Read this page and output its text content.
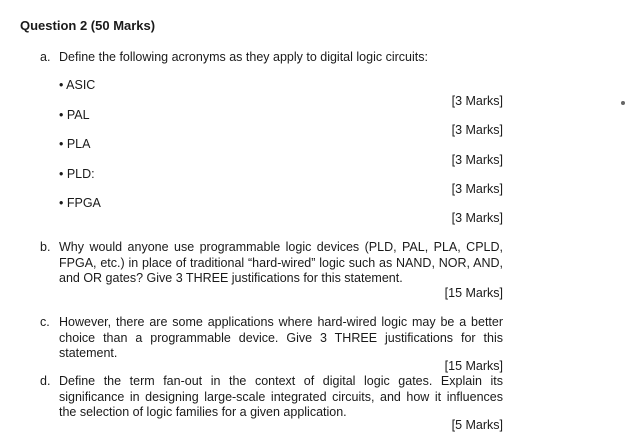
Question 2 (50 Marks)
a. Define the following acronyms as they apply to digital logic circuits:
• ASIC
[3 Marks]
• PAL
[3 Marks]
• PLA
[3 Marks]
• PLD:
[3 Marks]
• FPGA
[3 Marks]
b. Why would anyone use programmable logic devices (PLD, PAL, PLA, CPLD, FPGA, etc.) in place of traditional “hard-wired” logic such as NAND, NOR, AND, and OR gates? Give 3 THREE justifications for this statement.
[15 Marks]
c. However, there are some applications where hard-wired logic may be a better choice than a programmable device. Give 3 THREE justifications for this statement.
[15 Marks]
d. Define the term fan-out in the context of digital logic gates. Explain its significance in designing large-scale integrated circuits, and how it influences the selection of logic families for a given application.
[5 Marks]
